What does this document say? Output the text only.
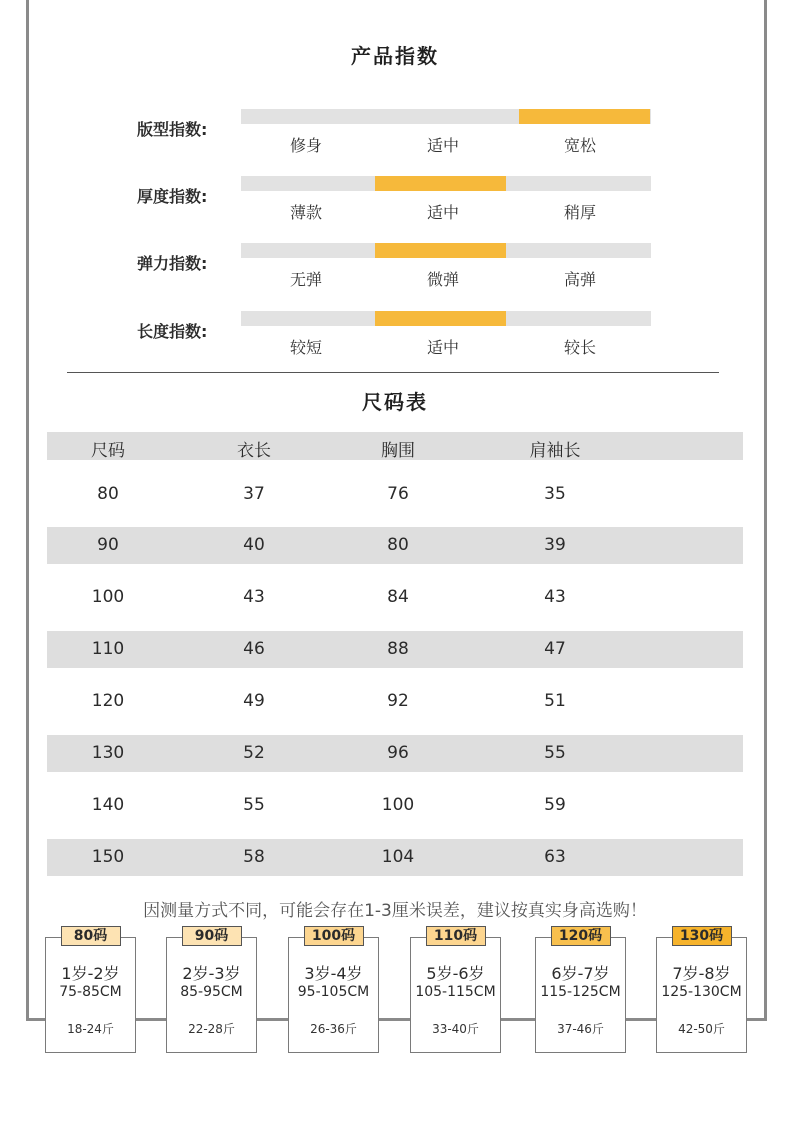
产品指数
版型指数:
修身	适中	宽松
厚度指数:
薄款	适中	稍厚
弹力指数:
无弹	微弹	高弹
长度指数:
较短	适中	较长
尺码表
尺码	衣长	胸围	肩袖长
80	37	76	35
90	40	80	39
100	43	84	43
110	46	88	47
120	49	92	51
130	52	96	55
140	55	100	59
150	58	104	63
因测量方式不同，可能会存在1-3厘米误差，建议按真实身高选购！
80码
1岁-2岁
75-85CM
18-24斤
90码
2岁-3岁
85-95CM
22-28斤
100码
3岁-4岁
95-105CM
26-36斤
110码
5岁-6岁
105-115CM
33-40斤
120码
6岁-7岁
115-125CM
37-46斤
130码
7岁-8岁
125-130CM
42-50斤
